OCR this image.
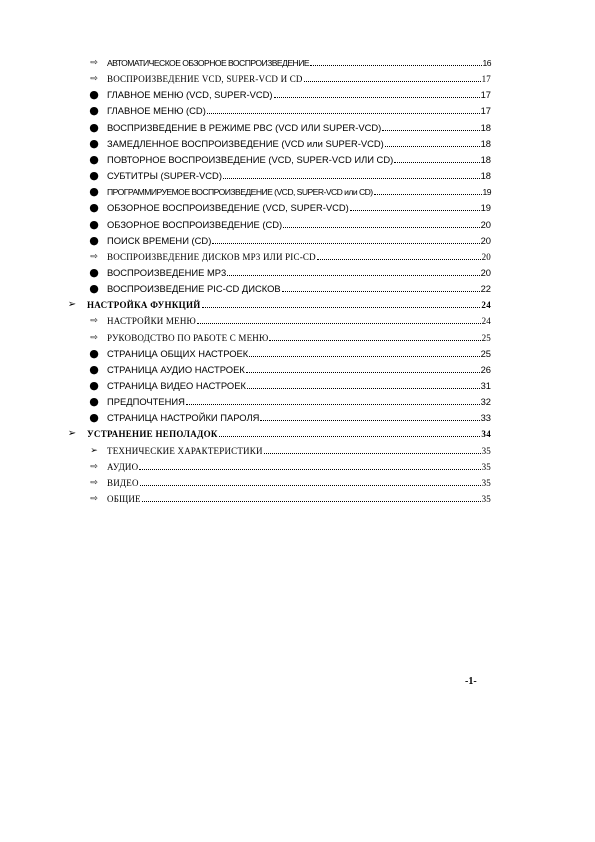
⇨ АВТОМАТИЧЕСКОЕ ОБЗОРНОЕ ВОСПРОИЗВЕДЕНИЕ	16
⇨ ВОСПРОИЗВЕДЕНИЕ VCD, SUPER-VCD И CD	17
● ГЛАВНОЕ МЕНЮ (VCD, SUPER-VCD)	17
● ГЛАВНОЕ МЕНЮ (CD)	17
● ВОСПРИЗВЕДЕНИЕ В РЕЖИМЕ PBC (VCD ИЛИ SUPER-VCD)	18
● ЗАМЕДЛЕННОЕ ВОСПРОИЗВЕДЕНИЕ (VCD или SUPER-VCD)	18
● ПОВТОРНОЕ ВОСПРОИЗВЕДЕНИЕ (VCD, SUPER-VCD ИЛИ CD)	18
● СУБТИТРЫ (SUPER-VCD)	18
● ПРОГРАММИРУЕМОЕ ВОСПРОИЗВЕДЕНИЕ (VCD, SUPER-VCD или CD)	19
● ОБЗОРНОЕ ВОСПРОИЗВЕДЕНИЕ (VCD, SUPER-VCD)	19
● ОБЗОРНОЕ ВОСПРОИЗВЕДЕНИЕ (CD)	20
● ПОИСК ВРЕМЕНИ (CD)	20
⇨ ВОСПРОИЗВЕДЕНИЕ ДИСКОВ MP3 ИЛИ PIC-CD	20
● ВОСПРОИЗВЕДЕНИЕ MP3	20
● ВОСПРОИЗВЕДЕНИЕ PIC-CD ДИСКОВ	22
➢ НАСТРОЙКА ФУНКЦИЙ	24
⇨ НАСТРОЙКИ МЕНЮ	24
⇨ РУКОВОДСТВО ПО РАБОТЕ С МЕНЮ	25
● СТРАНИЦА ОБЩИХ НАСТРОЕК	25
● СТРАНИЦА АУДИО НАСТРОЕК	26
● СТРАНИЦА ВИДЕО НАСТРОЕК	31
● ПРЕДПОЧТЕНИЯ	32
● СТРАНИЦА НАСТРОЙКИ ПАРОЛЯ	33
➢ УСТРАНЕНИЕ НЕПОЛАДОК	34
➢ ТЕХНИЧЕСКИЕ ХАРАКТЕРИСТИКИ	35
⇨ АУДИО	35
⇨ ВИДЕО	35
⇨ ОБЩИЕ	35
-1-
